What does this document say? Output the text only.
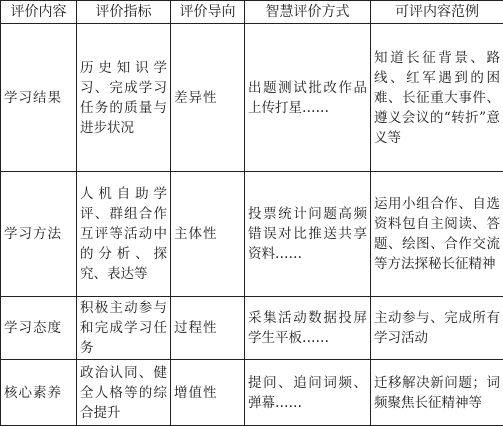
评价内容	评价指标	评价导向	智慧评价方式	可评内容范例
学习结果	历史知识学习、完成学习任务的质量与进步状况	差异性	出题测试批改作品上传打星……	知道长征背景、路线、红军遇到的困难、长征重大事件、遵义会议的“转折”意义等
学习方法	人机自助学评、群组合作互评等活动中的分析、探究、表达等	主体性	投票统计问题高频错误对比推送共享资料……	运用小组合作、自选资料包自主阅读、答题、绘图、合作交流等方法探秘长征精神
学习态度	积极主动参与和完成学习任务	过程性	采集活动数据投屏学生平板……	主动参与、完成所有学习活动
核心素养	政治认同、健全人格等的综合提升	增值性	提问、追问词频、弹幕……	迁移解决新问题；词频聚焦长征精神等
